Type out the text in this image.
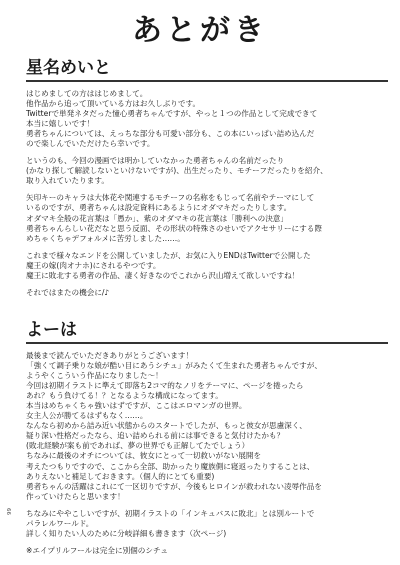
あとがき
星名めいと

はじめましての方ははじめまして。
他作品から追って頂いている方はお久しぶりです。
Twitterで単発ネタだった憧心勇者ちゃんですが、やっと１つの作品として完成できて
本当に嬉しいです！
勇者ちゃんについては、えっちな部分も可愛い部分も、この本にいっぱい詰め込んだ
ので楽しんでいただけたら幸いです。

というのも、今回の漫画では明かしていなかった勇者ちゃんの名前だったり
(かなり探して解読しないといけないですが)、出生だったり、モチーフだったりを紹介、
取り入れていたります。

矢印キーのキャラは大体花や関連するモチーフの名称をもじって名前やテーマにして
いるのですが、勇者ちゃんは設定資料にあるようにオダマキだったりします。
オダマキ全般の花言葉は「愚か」、紫のオダマキの花言葉は「勝利への決意」
勇者ちゃんらしい花だなと思う反面、その形状の特殊さのせいでアクセサリーにする際
めちゃくちゃデフォルメに苦労しました……。

これまで様々なエンドを公開していましたが、お気に入りENDはTwitterで公開した
魔王の嫁(肉オナホ)にされるやつです。
魔王に敗北する勇者の作品、凄く好きなのでこれから沢山増えて欲しいですね！

それではまたの機会に/♪

よーは

最後まで読んでいただきありがとうございます！
「強くて調子乗りな娘が酷い目にあうシチュ」がみたくて生まれた勇者ちゃんですが、
ようやくこういう作品になりました～！
今回は初期イラストに準えて即落ち2コマ的なノリをテーマに、ページを捲ったら
あれ？もう負けてる！？となるような構成になってます。
本当はめちゃくちゃ強いはずですが、ここはエロマンガの世界。
女主人公が勝てるはずもなく……。
なんなら初めから詰み近い状態からのスタートでしたが、もっと彼女が思慮深く、
疑り深い性格だったなら、追い詰められる前には事できると気付けたかも？
(敗北経験が案も前であれば、夢の世界でも正解してたでしょう）
ちなみに最後のオチについては、彼女にとって一切救いがない展開を
考えたつもりですので、ここから全部、助かったり魔族側に寝返ったりすることは、
ありえないと補足しておきます。（個人的にとても重要)
勇者ちゃんの活躍はこれにて一区切りですが、今後もヒロインが救われない凌辱作品を
作っていけたらと思います！

ちなみにややこしいですが、初期イラストの「インキュバスに敗北」とは別ルートで
パラレルワールド。
詳しく知りたい人のために分岐詳細も書きます（次ページ)

※エイプリルフールは完全に別個のシチュ

66
